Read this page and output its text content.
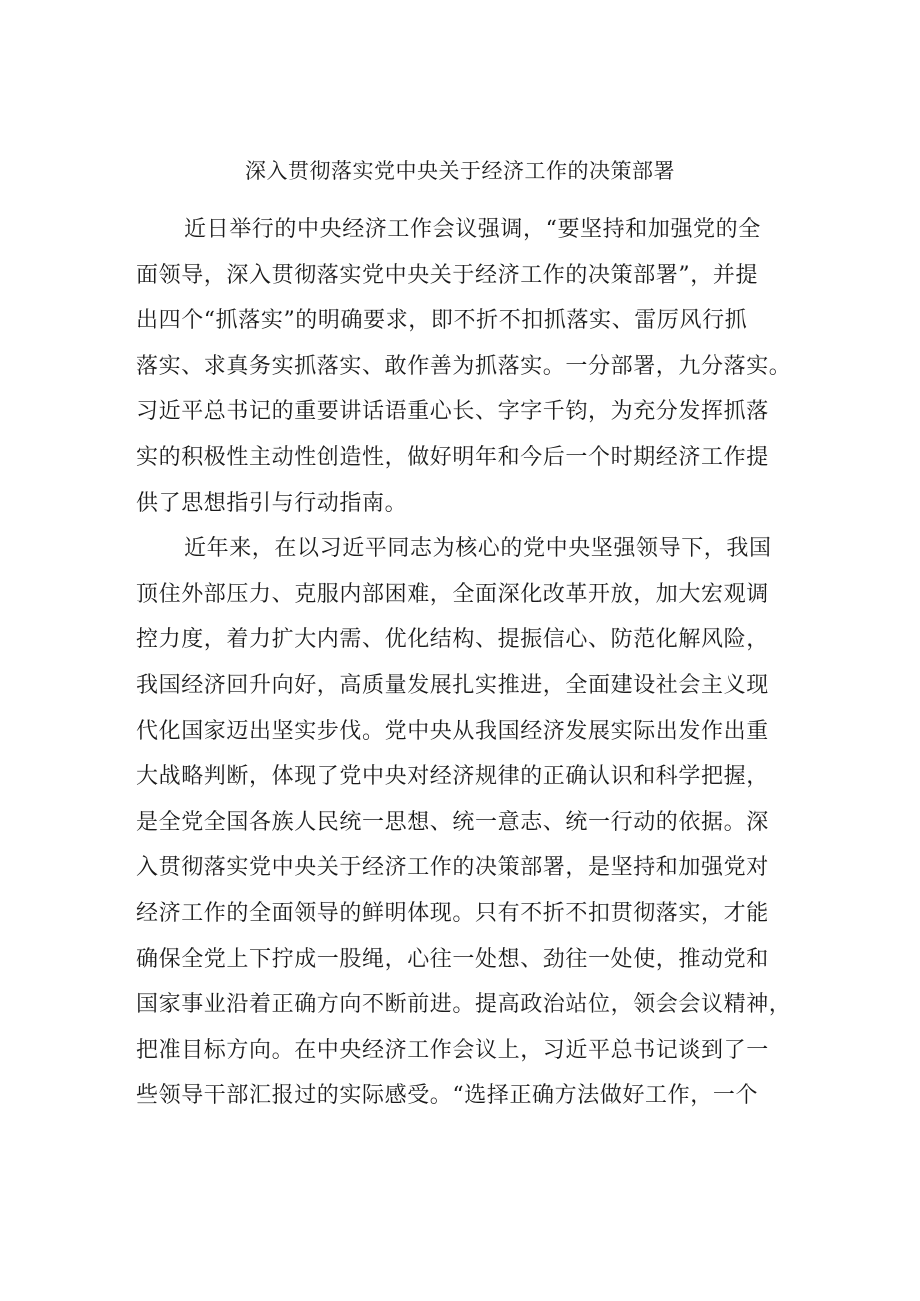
深入贯彻落实党中央关于经济工作的决策部署
近日举行的中央经济工作会议强调，“要坚持和加强党的全
面领导，深入贯彻落实党中央关于经济工作的决策部署”，并提
出四个“抓落实”的明确要求，即不折不扣抓落实、雷厉风行抓
落实、求真务实抓落实、敢作善为抓落实。一分部署，九分落实。
习近平总书记的重要讲话语重心长、字字千钧，为充分发挥抓落
实的积极性主动性创造性，做好明年和今后一个时期经济工作提
供了思想指引与行动指南。
近年来，在以习近平同志为核心的党中央坚强领导下，我国
顶住外部压力、克服内部困难，全面深化改革开放，加大宏观调
控力度，着力扩大内需、优化结构、提振信心、防范化解风险，
我国经济回升向好，高质量发展扎实推进，全面建设社会主义现
代化国家迈出坚实步伐。党中央从我国经济发展实际出发作出重
大战略判断，体现了党中央对经济规律的正确认识和科学把握，
是全党全国各族人民统一思想、统一意志、统一行动的依据。深
入贯彻落实党中央关于经济工作的决策部署，是坚持和加强党对
经济工作的全面领导的鲜明体现。只有不折不扣贯彻落实，才能
确保全党上下拧成一股绳，心往一处想、劲往一处使，推动党和
国家事业沿着正确方向不断前进。提高政治站位，领会会议精神，
把准目标方向。在中央经济工作会议上，习近平总书记谈到了一
些领导干部汇报过的实际感受。“选择正确方法做好工作，一个
